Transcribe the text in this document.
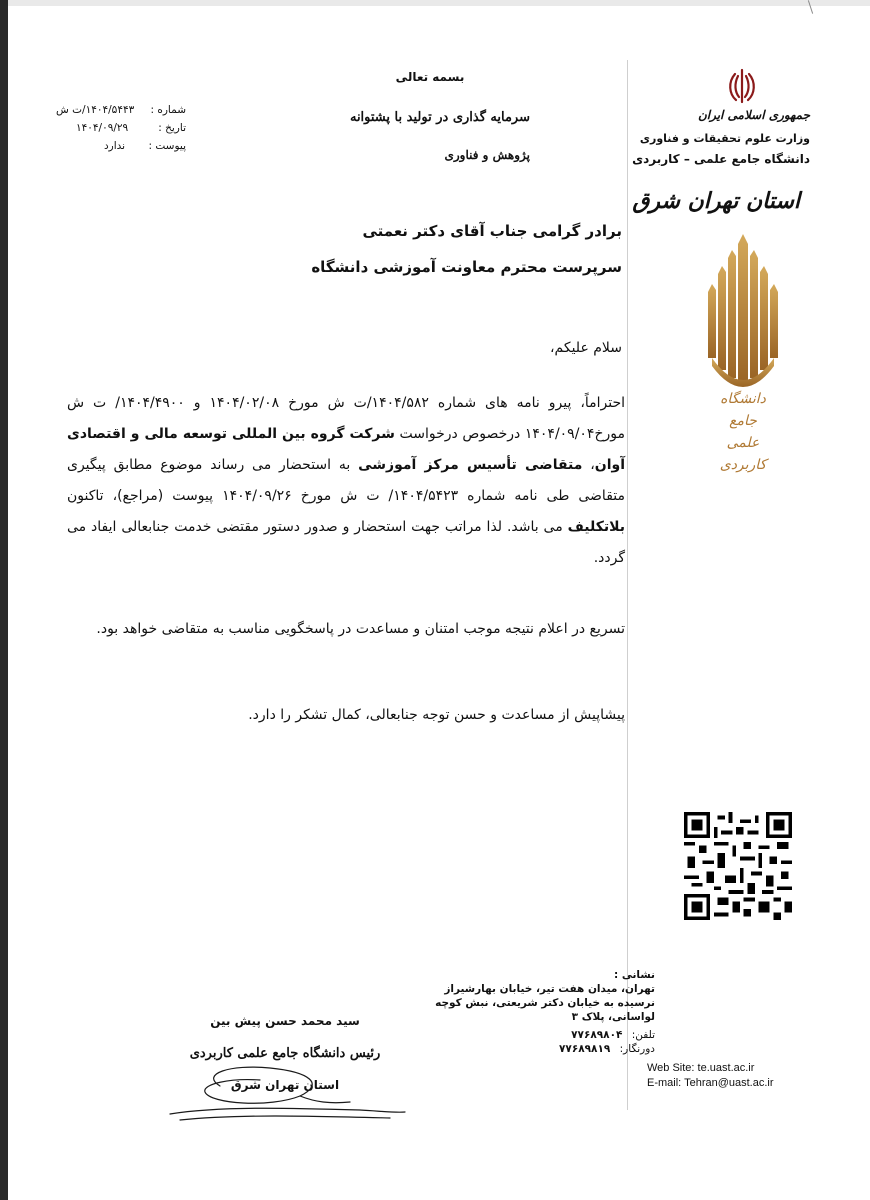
بسمه تعالی
سرمایه گذاری در تولید با پشتوانه
پژوهش و فناوری
شماره :
۱۴۰۴/۵۴۴۳/ت ش
تاریخ :
۱۴۰۴/۰۹/۲۹
پیوست :
ندارد
جمهوری اسلامی ایران
وزارت علوم تحقیقات و فناوری
دانشگاه جامع علمی – کاربردی
استان تهران شرق
دانشگاه جامع
علمی کاربردی
برادر گرامی جناب آقای دکتر نعمتی
سرپرست محترم معاونت آموزشی دانشگاه
سلام علیکم،
احتراماً، پیرو نامه های شماره ۱۴۰۴/۵۸۲/ت ش مورخ ۱۴۰۴/۰۲/۰۸ و ۱۴۰۴/۴۹۰۰/ ت ش مورخ۱۴۰۴/۰۹/۰۴ درخصوص درخواست شرکت گروه بین المللی توسعه مالی و اقتصادی آوان، متقاضی تأسیس مرکز آموزشی به استحضار می رساند موضوع مطابق پیگیری متقاضی طی نامه شماره ۱۴۰۴/۵۴۲۳/ ت ش مورخ ۱۴۰۴/۰۹/۲۶ پیوست (مراجع)، تاکنون بلاتکلیف می باشد. لذا مراتب جهت استحضار و صدور دستور مقتضی خدمت جنابعالی ایفاد می گردد.
تسریع در اعلام نتیجه موجب امتنان و مساعدت در پاسخگویی مناسب به متقاضی خواهد بود.
پیشاپیش از مساعدت و حسن توجه جنابعالی، کمال تشکر را دارد.
نشانی :
تهران، میدان هفت تیر، خیابان بهارشیراز
نرسیده به خیابان دکتر شریعتی، نبش کوچه
لواسانی، پلاک ۳
تلفن: ۷۷۶۸۹۸۰۴
دورنگار: ۷۷۶۸۹۸۱۹
Web Site: te.uast.ac.ir
E-mail: Tehran@uast.ac.ir
سید محمد حسن پیش بین
رئیس دانشگاه جامع علمی کاربردی
استان تهران شرق
